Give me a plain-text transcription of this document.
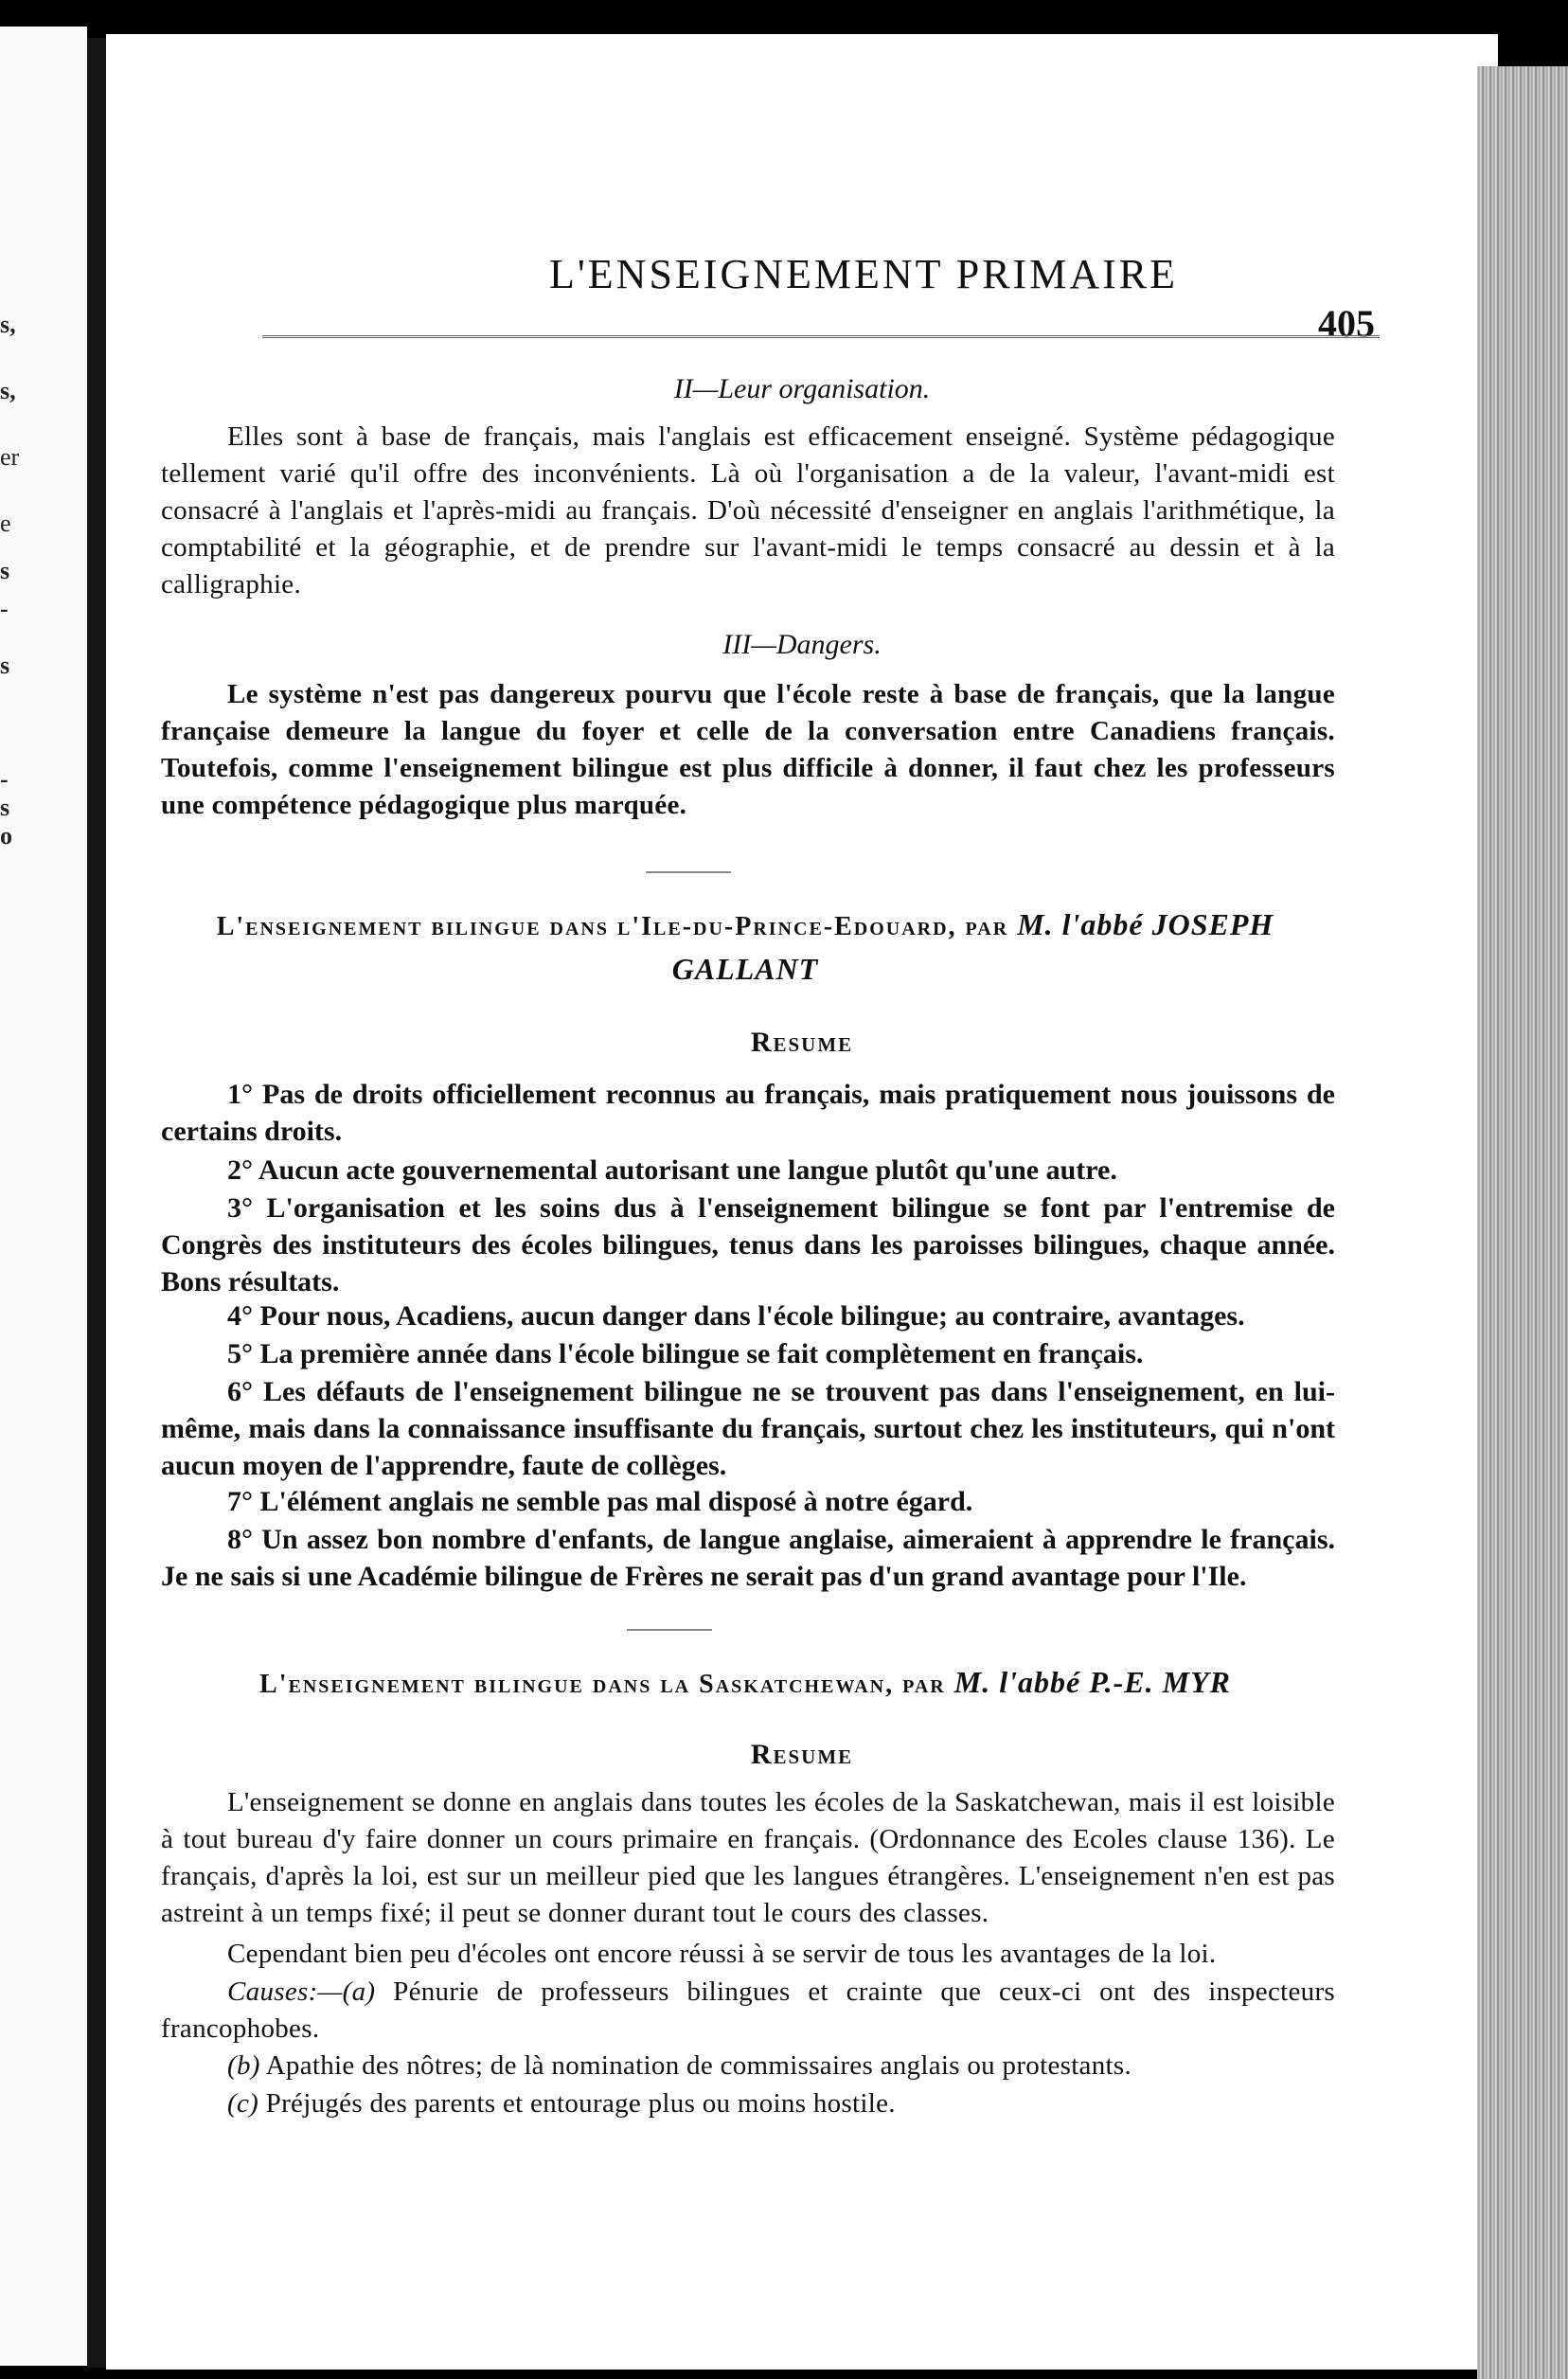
s,
s,
er
e
s
-
s
-
s
o
L'ENSEIGNEMENT PRIMAIRE
405
II—Leur organisation.

Elles sont à base de français, mais l'anglais est efficacement enseigné. Système pédagogique tellement varié qu'il offre des inconvénients. Là où l'organisation a de la valeur, l'avant-midi est consacré à l'anglais et l'après-midi au français. D'où nécessité d'enseigner en anglais l'arithmétique, la comptabilité et la géographie, et de prendre sur l'avant-midi le temps consacré au dessin et à la calligraphie.

III—Dangers.

Le système n'est pas dangereux pourvu que l'école reste à base de français, que la langue française demeure la langue du foyer et celle de la conversation entre Canadiens français. Toutefois, comme l'enseignement bilingue est plus difficile à donner, il faut chez les professeurs une compétence pédagogique plus marquée.

L'enseignement bilingue dans l'Ile-du-Prince-Edouard, par M. l'abbé JOSEPH GALLANT
Resume

1° Pas de droits officiellement reconnus au français, mais pratiquement nous jouissons de certains droits.

2° Aucun acte gouvernemental autorisant une langue plutôt qu'une autre.

3° L'organisation et les soins dus à l'enseignement bilingue se font par l'entremise de Congrès des instituteurs des écoles bilingues, tenus dans les paroisses bilingues, chaque année. Bons résultats.

4° Pour nous, Acadiens, aucun danger dans l'école bilingue; au contraire, avantages.

5° La première année dans l'école bilingue se fait complètement en français.

6° Les défauts de l'enseignement bilingue ne se trouvent pas dans l'enseignement, en lui-même, mais dans la connaissance insuffisante du français, surtout chez les instituteurs, qui n'ont aucun moyen de l'apprendre, faute de collèges.

7° L'élément anglais ne semble pas mal disposé à notre égard.

8° Un assez bon nombre d'enfants, de langue anglaise, aimeraient à apprendre le français. Je ne sais si une Académie bilingue de Frères ne serait pas d'un grand avantage pour l'Ile.

L'enseignement bilingue dans la Saskatchewan, par M. l'abbé P.-E. MYR
Resume

L'enseignement se donne en anglais dans toutes les écoles de la Saskatchewan, mais il est loisible à tout bureau d'y faire donner un cours primaire en français. (Ordonnance des Ecoles clause 136). Le français, d'après la loi, est sur un meilleur pied que les langues étrangères. L'enseignement n'en est pas astreint à un temps fixé; il peut se donner durant tout le cours des classes.

Cependant bien peu d'écoles ont encore réussi à se servir de tous les avantages de la loi.

Causes:—(a) Pénurie de professeurs bilingues et crainte que ceux-ci ont des inspecteurs francophobes.

(b) Apathie des nôtres; de là nomination de commissaires anglais ou protestants.

(c) Préjugés des parents et entourage plus ou moins hostile.
